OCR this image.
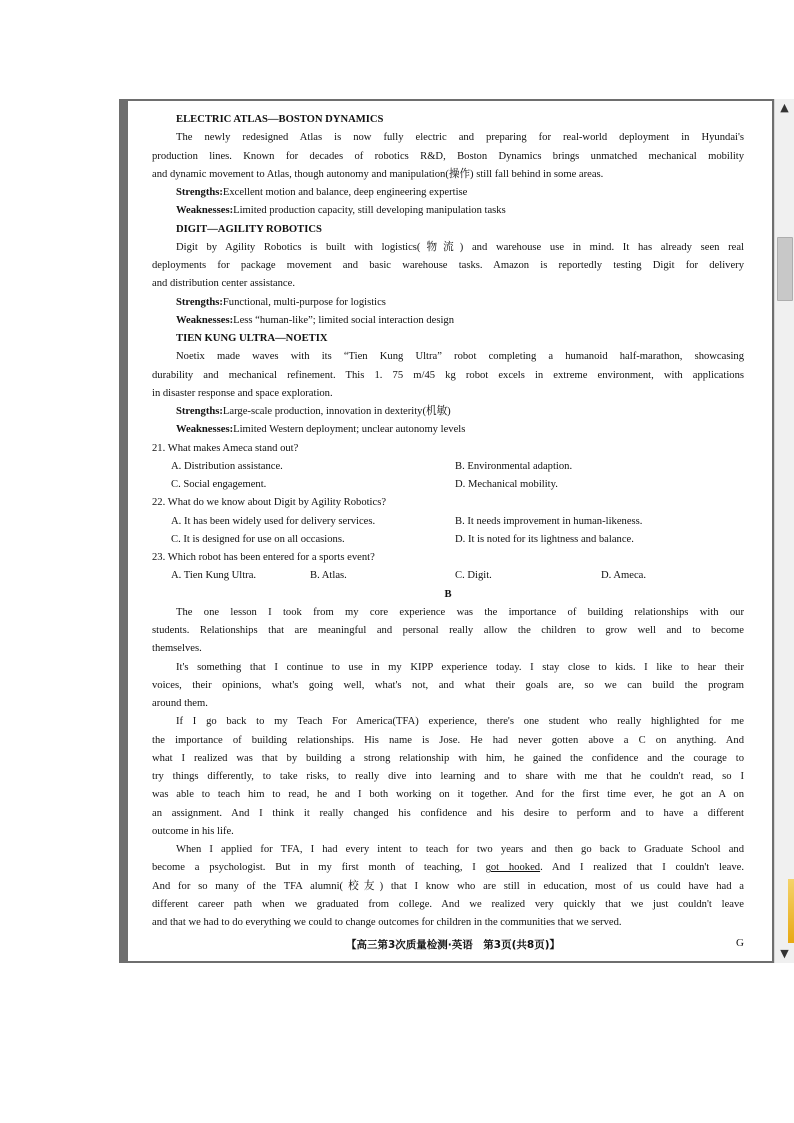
ELECTRIC ATLAS—BOSTON DYNAMICS
The newly redesigned Atlas is now fully electric and preparing for real-world deployment in Hyundai's
production lines. Known for decades of robotics R&D, Boston Dynamics brings unmatched mechanical mobility
and dynamic movement to Atlas, though autonomy and manipulation(操作) still fall behind in some areas.
Strengths:Excellent motion and balance, deep engineering expertise
Weaknesses:Limited production capacity, still developing manipulation tasks
DIGIT—AGILITY ROBOTICS
Digit by Agility Robotics is built with logistics(物流) and warehouse use in mind. It has already seen real
deployments for package movement and basic warehouse tasks. Amazon is reportedly testing Digit for delivery
and distribution center assistance.
Strengths:Functional, multi-purpose for logistics
Weaknesses:Less “human-like”; limited social interaction design
TIEN KUNG ULTRA—NOETIX
Noetix made waves with its “Tien Kung Ultra” robot completing a humanoid half-marathon, showcasing
durability and mechanical refinement. This 1. 75 m/45 kg robot excels in extreme environment, with applications
in disaster response and space exploration.
Strengths:Large-scale production, innovation in dexterity(机敏)
Weaknesses:Limited Western deployment; unclear autonomy levels
21. What makes Ameca stand out?
A. Distribution assistance.	B. Environmental adaption.
C. Social engagement.	D. Mechanical mobility.
22. What do we know about Digit by Agility Robotics?
A. It has been widely used for delivery services.	B. It needs improvement in human-likeness.
C. It is designed for use on all occasions.	D. It is noted for its lightness and balance.
23. Which robot has been entered for a sports event?
A. Tien Kung Ultra.	B. Atlas.	C. Digit.	D. Ameca.
B
The one lesson I took from my core experience was the importance of building relationships with our
students. Relationships that are meaningful and personal really allow the children to grow well and to become
themselves.
It's something that I continue to use in my KIPP experience today. I stay close to kids. I like to hear their
voices, their opinions, what's going well, what's not, and what their goals are, so we can build the program
around them.
If I go back to my Teach For America(TFA) experience, there's one student who really highlighted for me
the importance of building relationships. His name is Jose. He had never gotten above a C on anything. And
what I realized was that by building a strong relationship with him, he gained the confidence and the courage to
try things differently, to take risks, to really dive into learning and to share with me that he couldn't read, so I
was able to teach him to read, he and I both working on it together. And for the first time ever, he got an A on
an assignment. And I think it really changed his confidence and his desire to perform and to have a different
outcome in his life.
When I applied for TFA, I had every intent to teach for two years and then go back to Graduate School and
become a psychologist. But in my first month of teaching, I got hooked. And I realized that I couldn't leave.
And for so many of the TFA alumni(校友) that I know who are still in education, most of us could have had a
different career path when we graduated from college. And we realized very quickly that we just couldn't leave
and that we had to do everything we could to change outcomes for children in the communities that we served.
【高三第3次质量检测·英语　第3页(共8页)】	G
▲
▼
